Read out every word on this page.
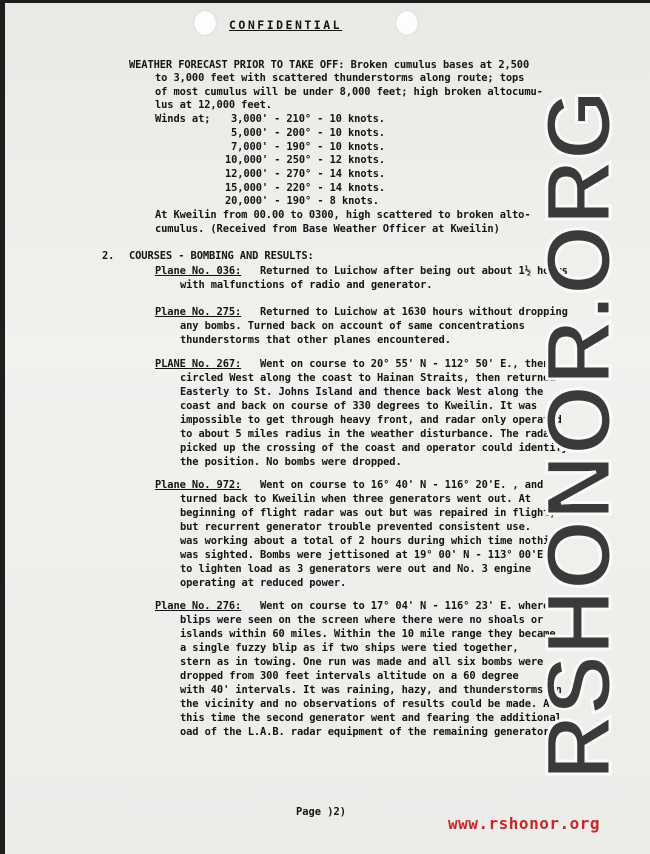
CONFIDENTIAL
WEATHER FORECAST PRIOR TO TAKE OFF: Broken cumulus bases at 2,500
to 3,000 feet with scattered thunderstorms along route; tops
of most cumulus will be under 8,000 feet; high broken altocumu-
lus at 12,000 feet.
Winds at; 3,000' - 210° - 10 knots.
5,000' - 200° - 10 knots.
7,000' - 190° - 10 knots.
10,000' - 250° - 12 knots.
12,000' - 270° - 14 knots.
15,000' - 220° - 14 knots.
20,000' - 190° - 8 knots.
At Kweilin from 00.00 to 0300, high scattered to broken alto-
cumulus. (Received from Base Weather Officer at Kweilin)
2. COURSES - BOMBING AND RESULTS:
Plane No. 036: Returned to Luichow after being out about 1½ hours
with malfunctions of radio and generator.
Plane No. 275: Returned to Luichow at 1630 hours without dropping
any bombs. Turned back on account of same concentrations
thunderstorms that other planes encountered.
PLANE No. 267: Went on course to 20° 55' N - 112° 50' E., then
circled West along the coast to Hainan Straits, then returned
Easterly to St. Johns Island and thence back West along the
coast and back on course of 330 degrees to Kweilin. It was
impossible to get through heavy front, and radar only operated
to about 5 miles radius in the weather disturbance. The radar
picked up the crossing of the coast and operator could identify
the position. No bombs were dropped.
Plane No. 972: Went on course to 16° 40' N - 116° 20'E. , and
turned back to Kweilin when three generators went out. At
beginning of flight radar was out but was repaired in flight,
but recurrent generator trouble prevented consistent use.
was working about a total of 2 hours during which time nothing
was sighted. Bombs were jettisoned at 19° 00' N - 113° 00'E.
to lighten load as 3 generators were out and No. 3 engine
operating at reduced power.
Plane No. 276: Went on course to 17° 04' N - 116° 23' E. where
blips were seen on the screen where there were no shoals or
islands within 60 miles. Within the 10 mile range they became
a single fuzzy blip as if two ships were tied together,
stern as in towing. One run was made and all six bombs were
dropped from 300 feet intervals altitude on a 60 degree
with 40' intervals. It was raining, hazy, and thunderstorms in
the vicinity and no observations of results could be made. At
this time the second generator went and fearing the additional
oad of the L.A.B. radar equipment of the remaining generator
Page )2)
RSHONOR.ORG
www.rshonor.org
